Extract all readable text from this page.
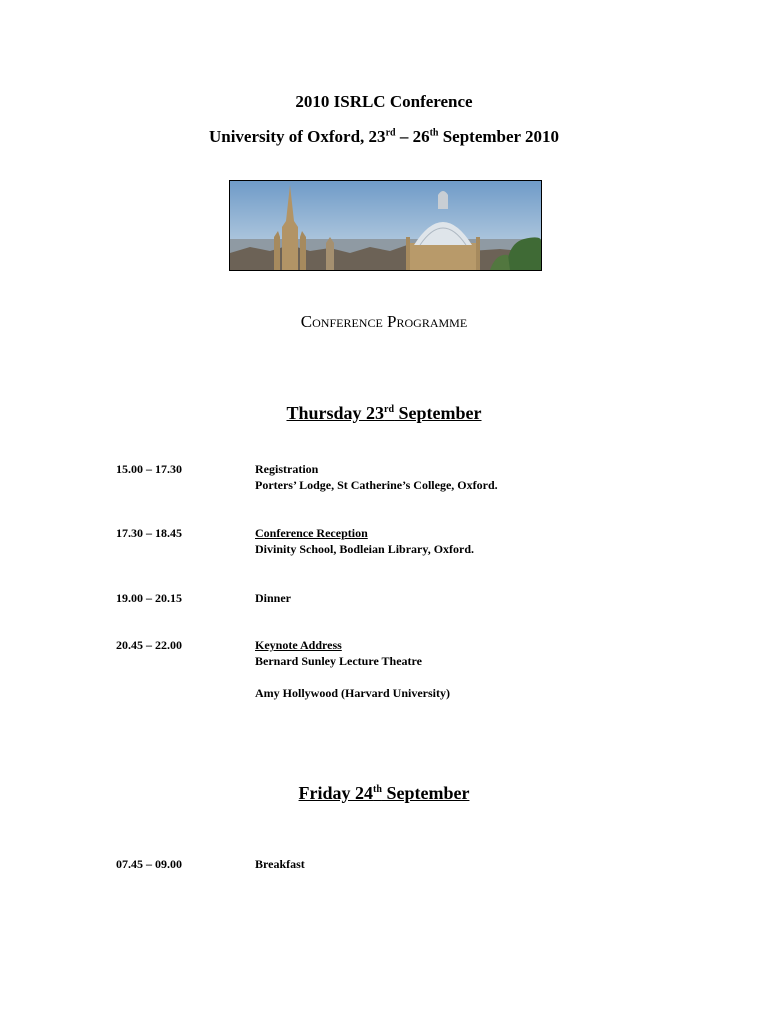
2010 ISRLC Conference
University of Oxford, 23rd – 26th September 2010
Conference Programme
Thursday 23rd September
15.00 – 17.30	Registration
Porters’ Lodge, St Catherine’s College, Oxford.
17.30 – 18.45	Conference Reception
Divinity School, Bodleian Library, Oxford.
19.00 – 20.15	Dinner
20.45 – 22.00	Keynote Address
Bernard Sunley Lecture Theatre
Amy Hollywood (Harvard University)
Friday 24th September
07.45 – 09.00	Breakfast
